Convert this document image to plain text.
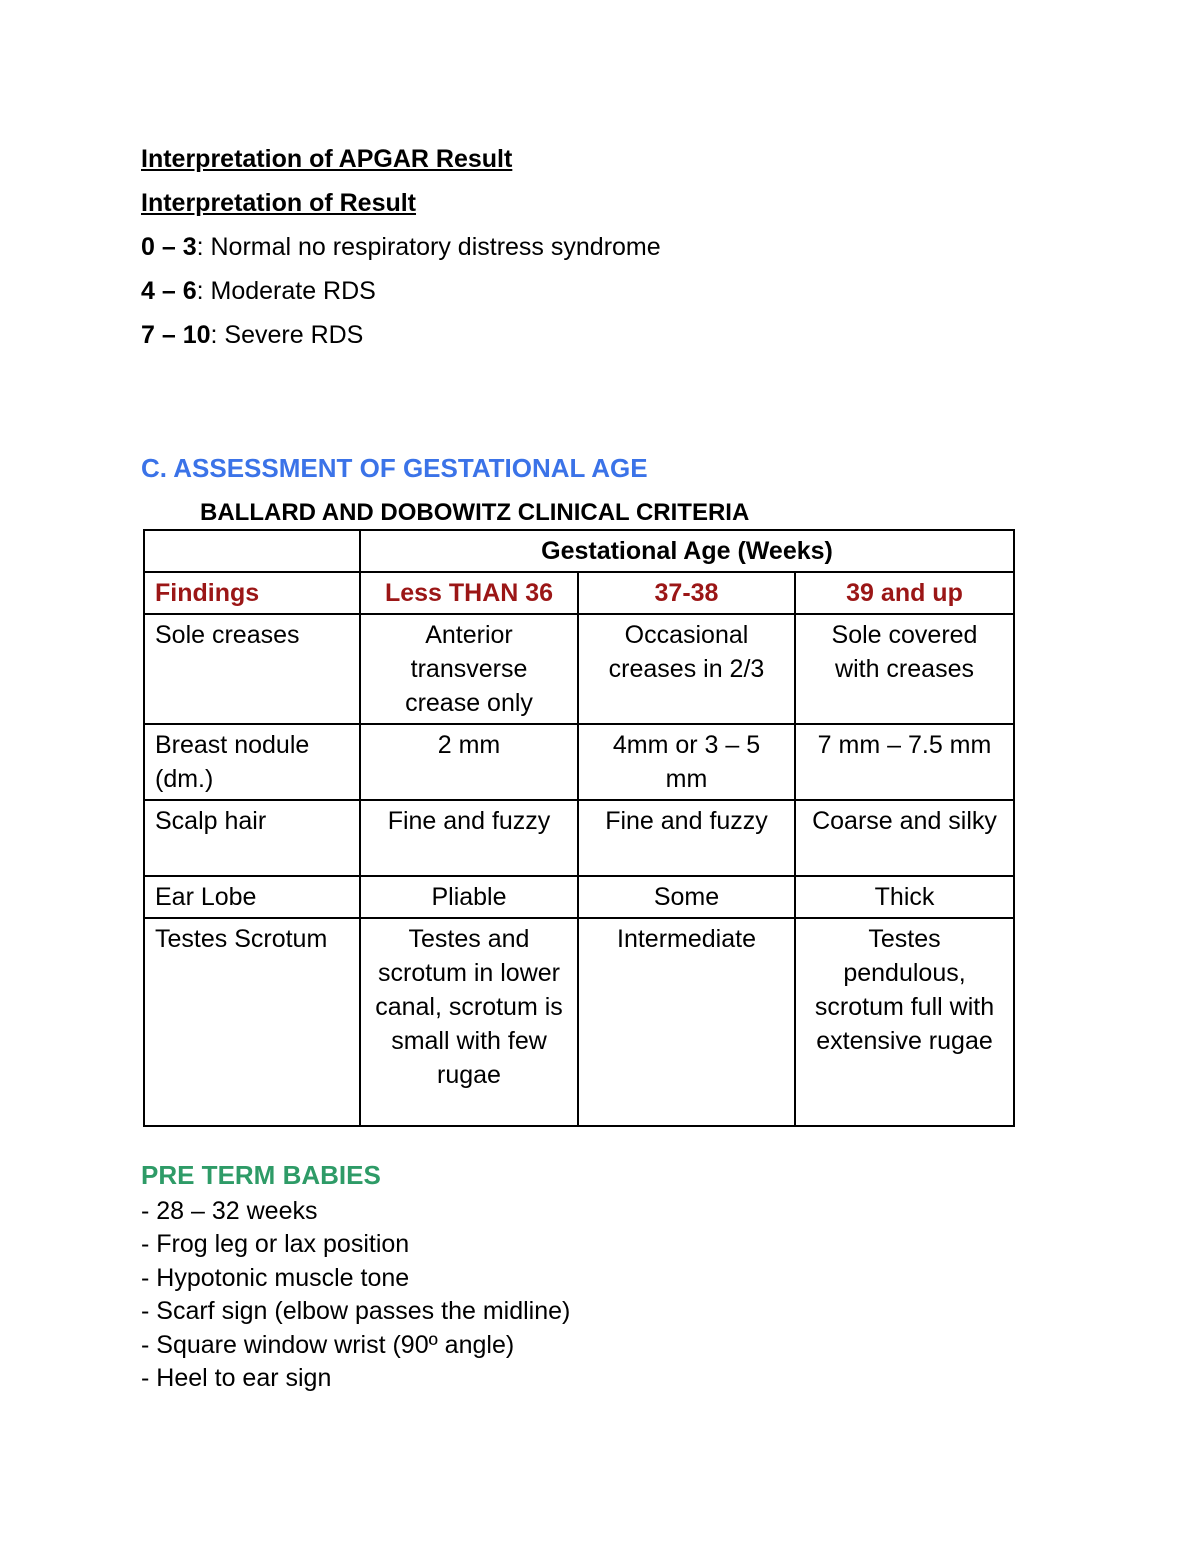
Interpretation of APGAR Result
Interpretation of Result
0 – 3: Normal no respiratory distress syndrome
4 – 6: Moderate RDS
7 – 10: Severe RDS
C. ASSESSMENT OF GESTATIONAL AGE
BALLARD AND DOBOWITZ CLINICAL CRITERIA
	Gestational Age (Weeks)		
Findings	Less THAN 36	37-38	39 and up
Sole creases	Anterior transverse crease only	Occasional creases in 2/3	Sole covered with creases
Breast nodule (dm.)	2 mm	4mm or 3 – 5 mm	7 mm – 7.5 mm
Scalp hair	Fine and fuzzy	Fine and fuzzy	Coarse and silky
Ear Lobe	Pliable	Some	Thick
Testes Scrotum	Testes and scrotum in lower canal, scrotum is small with few rugae	Intermediate	Testes pendulous, scrotum full with extensive rugae
PRE TERM BABIES
- 28 – 32 weeks
- Frog leg or lax position
- Hypotonic muscle tone
- Scarf sign (elbow passes the midline)
- Square window wrist (90º angle)
- Heel to ear sign
